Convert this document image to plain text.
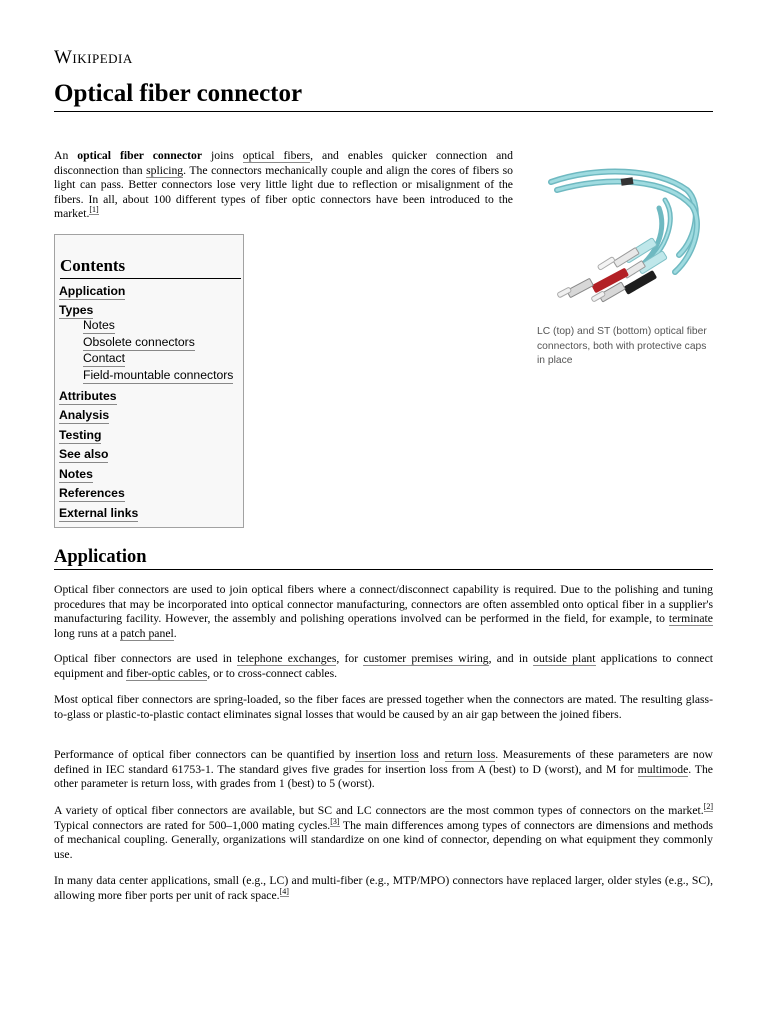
Wikipedia
Optical fiber connector

An optical fiber connector joins optical fibers, and enables quicker connection and disconnection than splicing. The connectors mechanically couple and align the cores of fibers so light can pass. Better connectors lose very little light due to reflection or misalignment of the fibers. In all, about 100 different types of fiber optic connectors have been introduced to the market.[1]

LC (top) and ST (bottom) optical fiber connectors, both with protective caps in place
Contents
Application
Types
Notes
Obsolete connectors
Contact
Field-mountable connectors
Attributes
Analysis
Testing
See also
Notes
References
External links
Application

Optical fiber connectors are used to join optical fibers where a connect/disconnect capability is required. Due to the polishing and tuning procedures that may be incorporated into optical connector manufacturing, connectors are often assembled onto optical fiber in a supplier's manufacturing facility. However, the assembly and polishing operations involved can be performed in the field, for example, to terminate long runs at a patch panel.

Optical fiber connectors are used in telephone exchanges, for customer premises wiring, and in outside plant applications to connect equipment and fiber-optic cables, or to cross-connect cables.

Most optical fiber connectors are spring-loaded, so the fiber faces are pressed together when the connectors are mated. The resulting glass-to-glass or plastic-to-plastic contact eliminates signal losses that would be caused by an air gap between the joined fibers.

Performance of optical fiber connectors can be quantified by insertion loss and return loss. Measurements of these parameters are now defined in IEC standard 61753-1. The standard gives five grades for insertion loss from A (best) to D (worst), and M for multimode. The other parameter is return loss, with grades from 1 (best) to 5 (worst).

A variety of optical fiber connectors are available, but SC and LC connectors are the most common types of connectors on the market.[2] Typical connectors are rated for 500–1,000 mating cycles.[3] The main differences among types of connectors are dimensions and methods of mechanical coupling. Generally, organizations will standardize on one kind of connector, depending on what equipment they commonly use.

In many data center applications, small (e.g., LC) and multi-fiber (e.g., MTP/MPO) connectors have replaced larger, older styles (e.g., SC), allowing more fiber ports per unit of rack space.[4]
